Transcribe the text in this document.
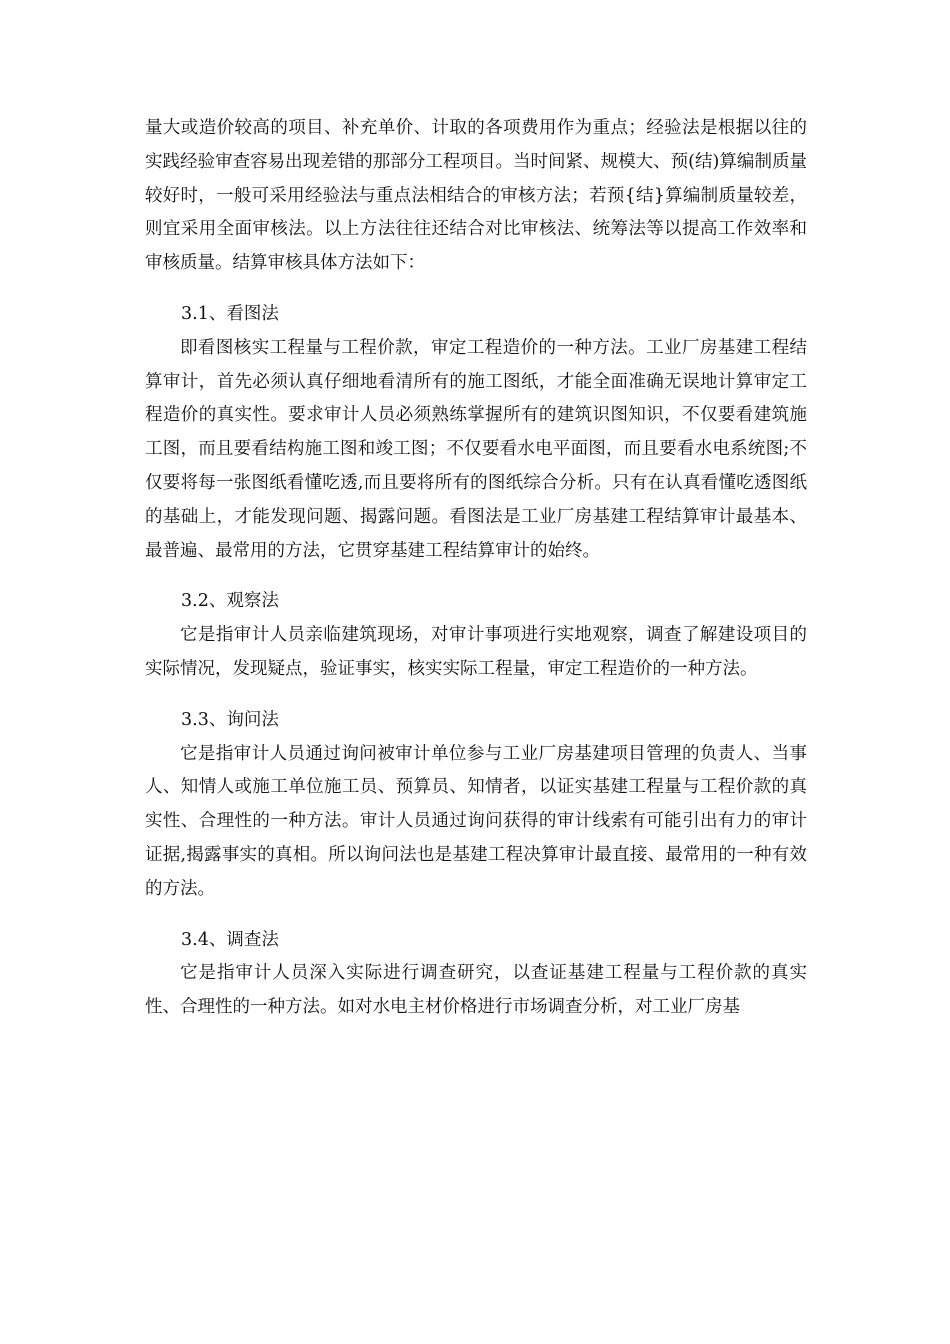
量大或造价较高的项目、补充单价、计取的各项费用作为重点；经验法是根据以往的实践经验审查容易出现差错的那部分工程项目。当时间紧、规模大、预(结)算编制质量较好时，一般可采用经验法与重点法相结合的审核方法；若预{结}算编制质量较差，则宜采用全面审核法。以上方法往往还结合对比审核法、统筹法等以提高工作效率和审核质量。结算审核具体方法如下：

3.1、看图法

即看图核实工程量与工程价款，审定工程造价的一种方法。工业厂房基建工程结算审计，首先必须认真仔细地看清所有的施工图纸，才能全面准确无误地计算审定工程造价的真实性。要求审计人员必须熟练掌握所有的建筑识图知识，不仅要看建筑施工图，而且要看结构施工图和竣工图；不仅要看水电平面图，而且要看水电系统图;不仅要将每一张图纸看懂吃透,而且要将所有的图纸综合分析。只有在认真看懂吃透图纸的基础上，才能发现问题、揭露问题。看图法是工业厂房基建工程结算审计最基本、最普遍、最常用的方法，它贯穿基建工程结算审计的始终。

3.2、观察法

它是指审计人员亲临建筑现场，对审计事项进行实地观察，调查了解建设项目的实际情况，发现疑点，验证事实，核实实际工程量，审定工程造价的一种方法。

3.3、询问法

它是指审计人员通过询问被审计单位参与工业厂房基建项目管理的负责人、当事人、知情人或施工单位施工员、预算员、知情者，以证实基建工程量与工程价款的真实性、合理性的一种方法。审计人员通过询问获得的审计线索有可能引出有力的审计证据,揭露事实的真相。所以询问法也是基建工程决算审计最直接、最常用的一种有效的方法。

3.4、调查法

它是指审计人员深入实际进行调查研究，以查证基建工程量与工程价款的真实性、合理性的一种方法。如对水电主材价格进行市场调查分析，对工业厂房基
